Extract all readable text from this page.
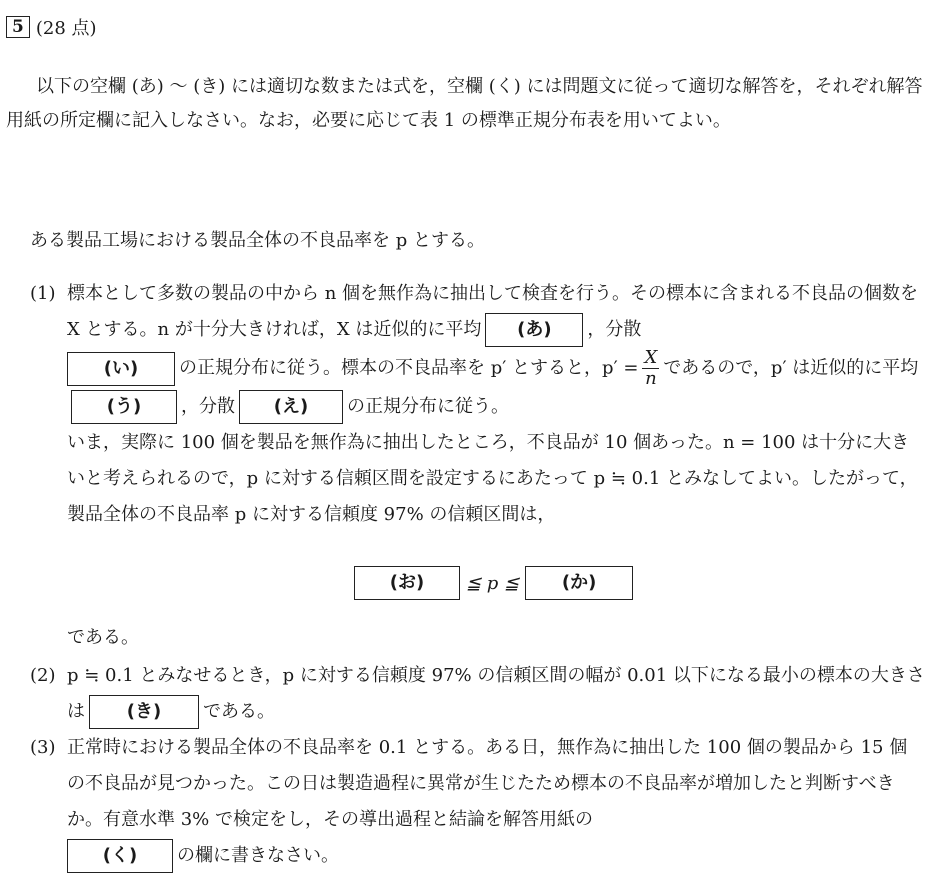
5 (28 点)

以下の空欄 (あ) 〜 (き) には適切な数または式を，空欄 (く) には問題文に従って適切な解答を，それぞれ解答用紙の所定欄に記入しなさい。なお，必要に応じて表 1 の標準正規分布表を用いてよい。

ある製品工場における製品全体の不良品率を p とする。
(1) 標本として多数の製品の中から n 個を無作為に抽出して検査を行う。その標本に含まれる不良品の個数を X とする。n が十分大きければ，X は近似的に平均 (あ) ，分散
(い) の正規分布に従う。標本の不良品率を p′ とすると，$p' = \frac{X}{n}$ であるので，p′ は近似的に平均(う) ，分散 (え) の正規分布に従う。
いま，実際に 100 個を製品を無作為に抽出したところ，不良品が 10 個あった。n = 100 は十分に大きいと考えられるので，p に対する信頼区間を設定するにあたって p ≒ 0.1 とみなしてよい。したがって，製品全体の不良品率 p に対する信頼度 97% の信頼区間は，
(お)	≦ p ≦	(か)
である。
(2) p ≒ 0.1 とみなせるとき，p に対する信頼度 97% の信頼区間の幅が 0.01 以下になる最小の標本の大きさは (き) である。
(3) 正常時における製品全体の不良品率を 0.1 とする。ある日，無作為に抽出した 100 個の製品から 15 個の不良品が見つかった。この日は製造過程に異常が生じたため標本の不良品率が増加したと判断すべきか。有意水準 3% で検定をし，その導出過程と結論を解答用紙の
(く) の欄に書きなさい。
